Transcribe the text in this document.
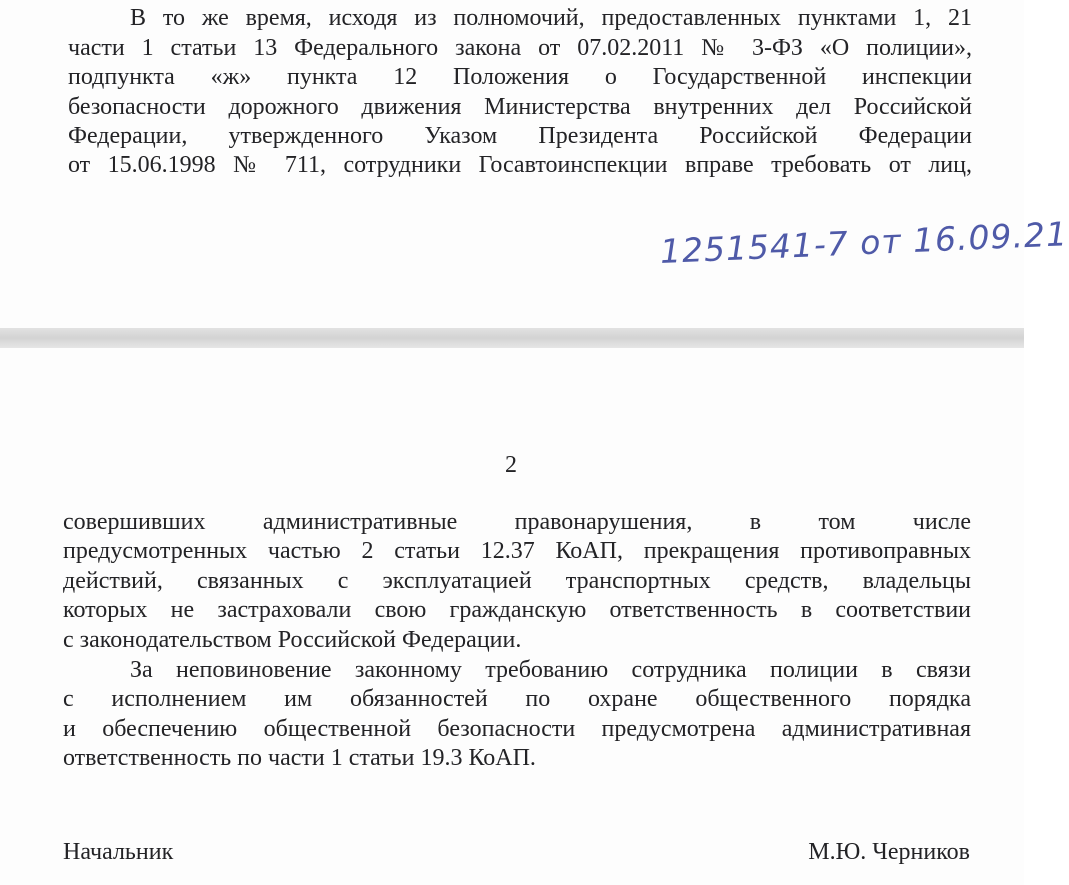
В то же время, исходя из полномочий, предоставленных пунктами 1, 21

части 1 статьи 13 Федерального закона от 07.02.2011 № 3-ФЗ «О полиции»,

подпункта «ж» пункта 12 Положения о Государственной инспекции

безопасности дорожного движения Министерства внутренних дел Российской

Федерации, утвержденного Указом Президента Российской Федерации

от 15.06.1998 № 711, сотрудники Госавтоинспекции вправе требовать от лиц,

1251541-7 от 16.09.21
2

совершивших административные правонарушения, в том числе

предусмотренных частью 2 статьи 12.37 КоАП, прекращения противоправных

действий, связанных с эксплуатацией транспортных средств, владельцы

которых не застраховали свою гражданскую ответственность в соответствии

с законодательством Российской Федерации.

За неповиновение законному требованию сотрудника полиции в связи

с исполнением им обязанностей по охране общественного порядка

и обеспечению общественной безопасности предусмотрена административная

ответственность по части 1 статьи 19.3 КоАП.

Начальник	М.Ю. Черников
